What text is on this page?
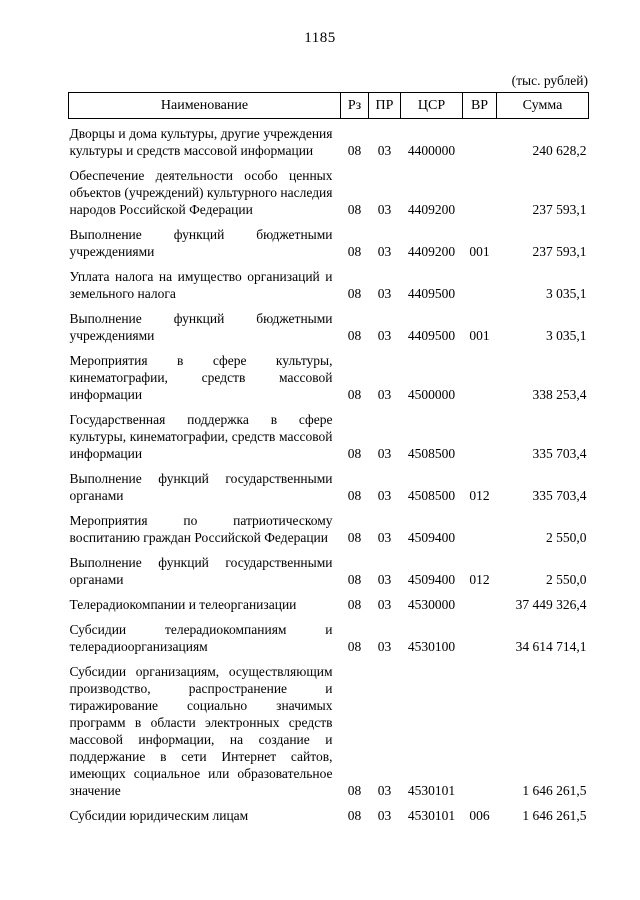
1185
(тыс. рублей)
Наименование	Рз	ПР	ЦСР	ВР	Сумма
Дворцы и дома культуры, другие учреждения культуры и средств массовой информации	08	03	4400000		240 628,2
Обеспечение деятельности особо ценных объектов (учреждений) культурного наследия народов Российской Федерации	08	03	4409200		237 593,1
Выполнение функций бюджетными учреждениями	08	03	4409200	001	237 593,1
Уплата налога на имущество организаций и земельного налога	08	03	4409500		3 035,1
Выполнение функций бюджетными учреждениями	08	03	4409500	001	3 035,1
Мероприятия в сфере культуры, кинематографии, средств массовой информации	08	03	4500000		338 253,4
Государственная поддержка в сфере культуры, кинематографии, средств массовой информации	08	03	4508500		335 703,4
Выполнение функций государственными органами	08	03	4508500	012	335 703,4
Мероприятия по патриотическому воспитанию граждан Российской Федерации	08	03	4509400		2 550,0
Выполнение функций государственными органами	08	03	4509400	012	2 550,0
Телерадиокомпании и телеорганизации	08	03	4530000		37 449 326,4
Субсидии телерадиокомпаниям и телерадиоорганизациям	08	03	4530100		34 614 714,1
Субсидии организациям, осуществляющим производство, распространение и тиражирование социально значимых программ в области электронных средств массовой информации, на создание и поддержание в сети Интернет сайтов, имеющих социальное или образовательное значение	08	03	4530101		1 646 261,5
Субсидии юридическим лицам	08	03	4530101	006	1 646 261,5
